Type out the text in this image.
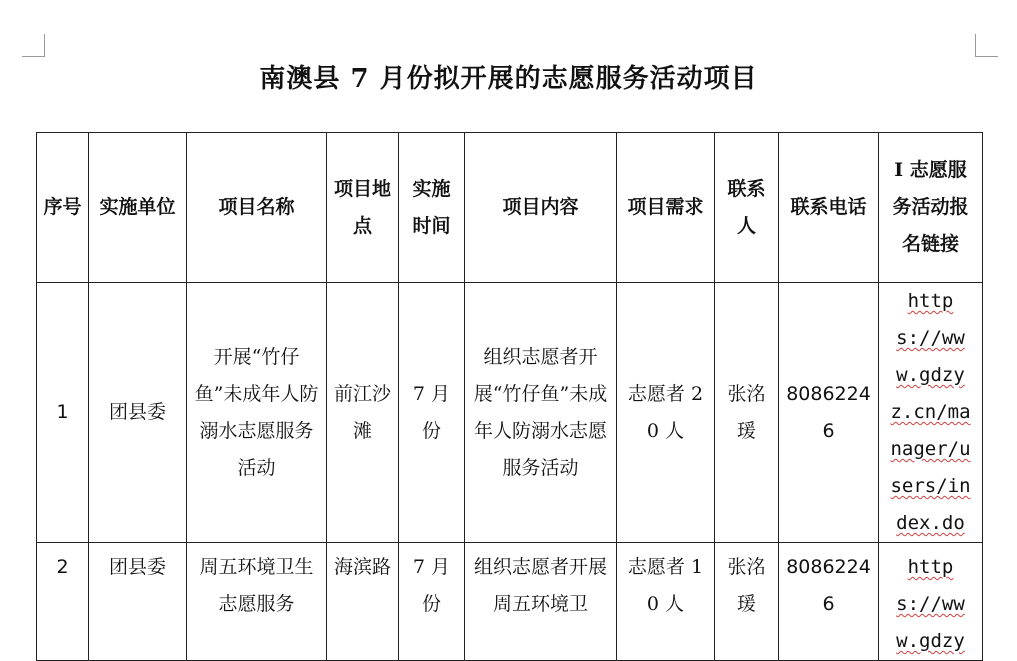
南澳县 7 月份拟开展的志愿服务活动项目
序号	实施单位	项目名称	项目地点	实施时间	项目内容	项目需求	联系人	联系电话	I 志愿服务活动报名链接
1	团县委	开展“竹仔鱼”未成年人防溺水志愿服务活动	前江沙滩	7 月份	组织志愿者开展“竹仔鱼”未成年人防溺水志愿服务活动	志愿者 20 人	张洺瑗	80862246	https://www.gdzyz.cn/manager/users/index.do
2	团县委	周五环境卫生志愿服务	海滨路	7 月份	组织志愿者开展周五环境卫	志愿者 10 人	张洺瑗	80862246	https://www.gdzy
